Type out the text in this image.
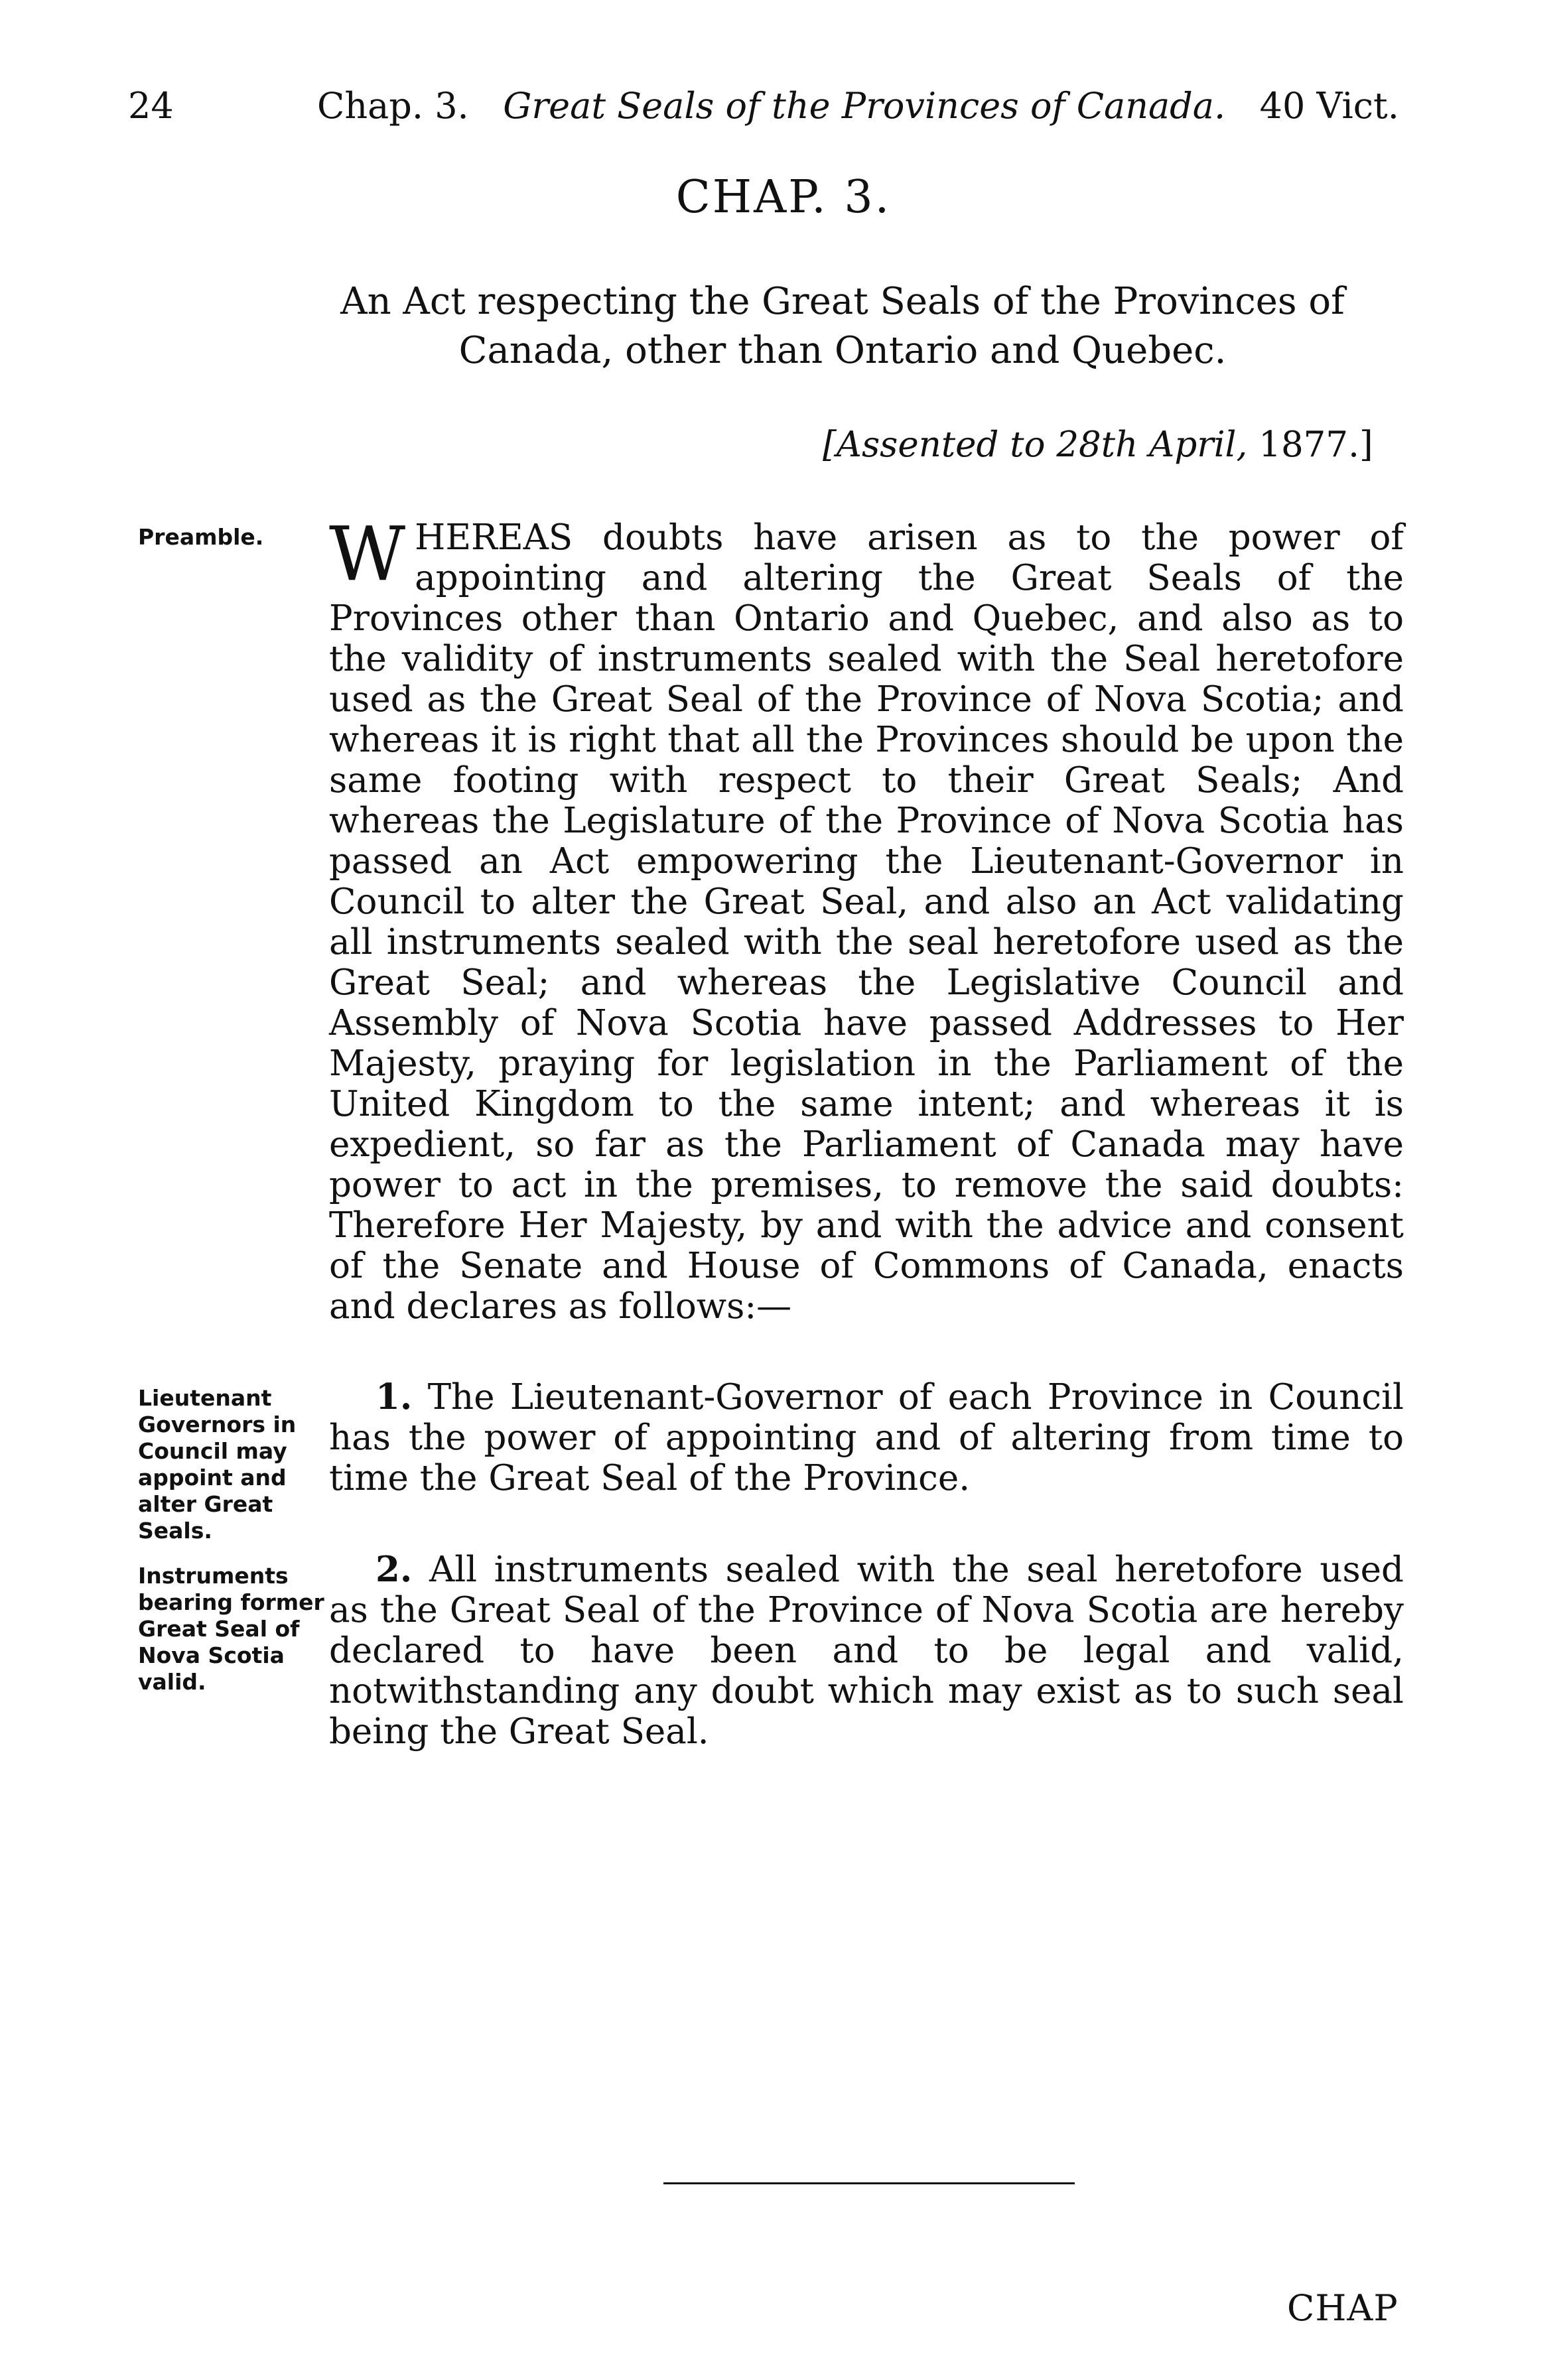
24	Chap. 3. Great Seals of the Provinces of Canada. 40 Vict.
CHAP. 3.
An Act respecting the Great Seals of the Provinces of Canada, other than Ontario and Quebec.
[Assented to 28th April, 1877.]
Preamble. W HEREAS doubts have arisen as to the power of appointing and altering the Great Seals of the Provinces other than Ontario and Quebec, and also as to the validity of instruments sealed with the Seal heretofore used as the Great Seal of the Province of Nova Scotia; and whereas it is right that all the Provinces should be upon the same footing with respect to their Great Seals; And whereas the Legislature of the Province of Nova Scotia has passed an Act empowering the Lieutenant-Governor in Council to alter the Great Seal, and also an Act validating all instruments sealed with the seal heretofore used as the Great Seal; and whereas the Legislative Council and Assembly of Nova Scotia have passed Addresses to Her Majesty, praying for legislation in the Parliament of the United Kingdom to the same intent; and whereas it is expedient, so far as the Parliament of Canada may have power to act in the premises, to remove the said doubts: Therefore Her Majesty, by and with the advice and consent of the Senate and House of Commons of Canada, enacts and declares as follows:—
Lieutenant Governors in Council may appoint and alter Great Seals.
1. The Lieutenant-Governor of each Province in Council has the power of appointing and of altering from time to time the Great Seal of the Province.
Instruments bearing former Great Seal of Nova Scotia valid.
2. All instruments sealed with the seal heretofore used as the Great Seal of the Province of Nova Scotia are hereby declared to have been and to be legal and valid, notwithstanding any doubt which may exist as to such seal being the Great Seal.
CHAP
